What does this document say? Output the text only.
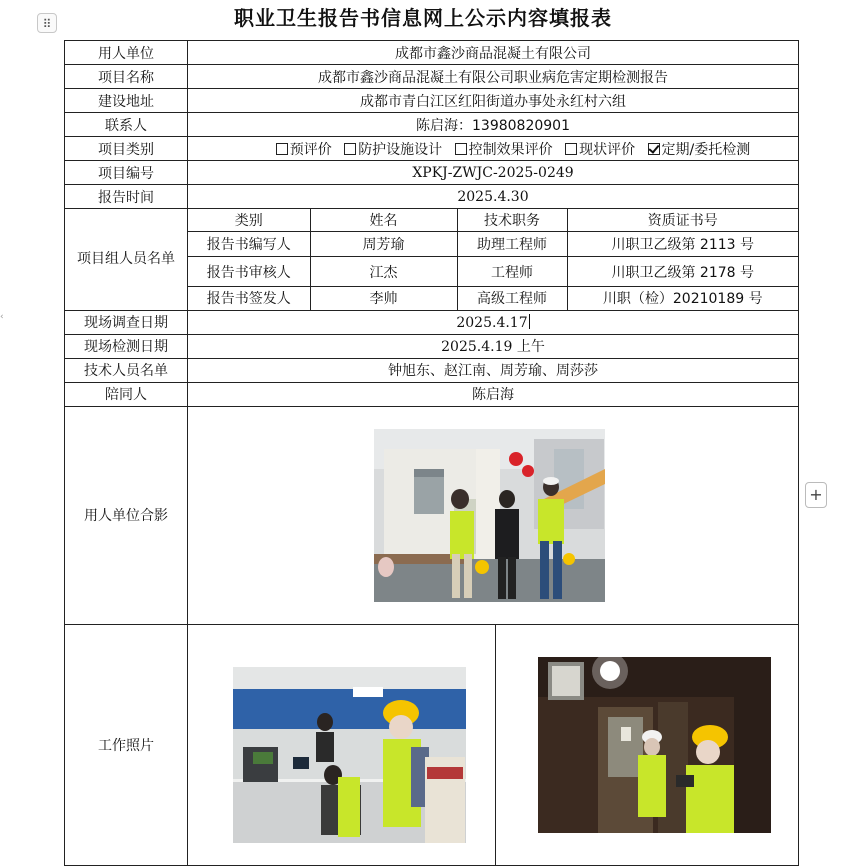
⠿
‹
职业卫生报告书信息网上公示内容填报表
用人单位	成都市鑫沙商品混凝土有限公司
项目名称	成都市鑫沙商品混凝土有限公司职业病危害定期检测报告
建设地址	成都市青白江区红阳街道办事处永红村六组
联系人	陈启海：13980820901
项目类别	预评价 防护设施设计 控制效果评价 现状评价 定期/委托检测
项目编号	XPKJ-ZWJC-2025-0249
报告时间	2025.4.30
项目组人员名单	
类别	姓名	技术职务	资质证书号
报告书编写人	周芳瑜	助理工程师	川职卫乙级第 2113 号
报告书审核人	江杰	工程师	川职卫乙级第 2178 号
报告书签发人	李帅	高级工程师	川职（检）20210189 号

现场调查日期	2025.4.17
现场检测日期	2025.4.19 上午
技术人员名单	钟旭东、赵江南、周芳瑜、周莎莎
陪同人	陈启海
用人单位合影	

工作照片	
+
